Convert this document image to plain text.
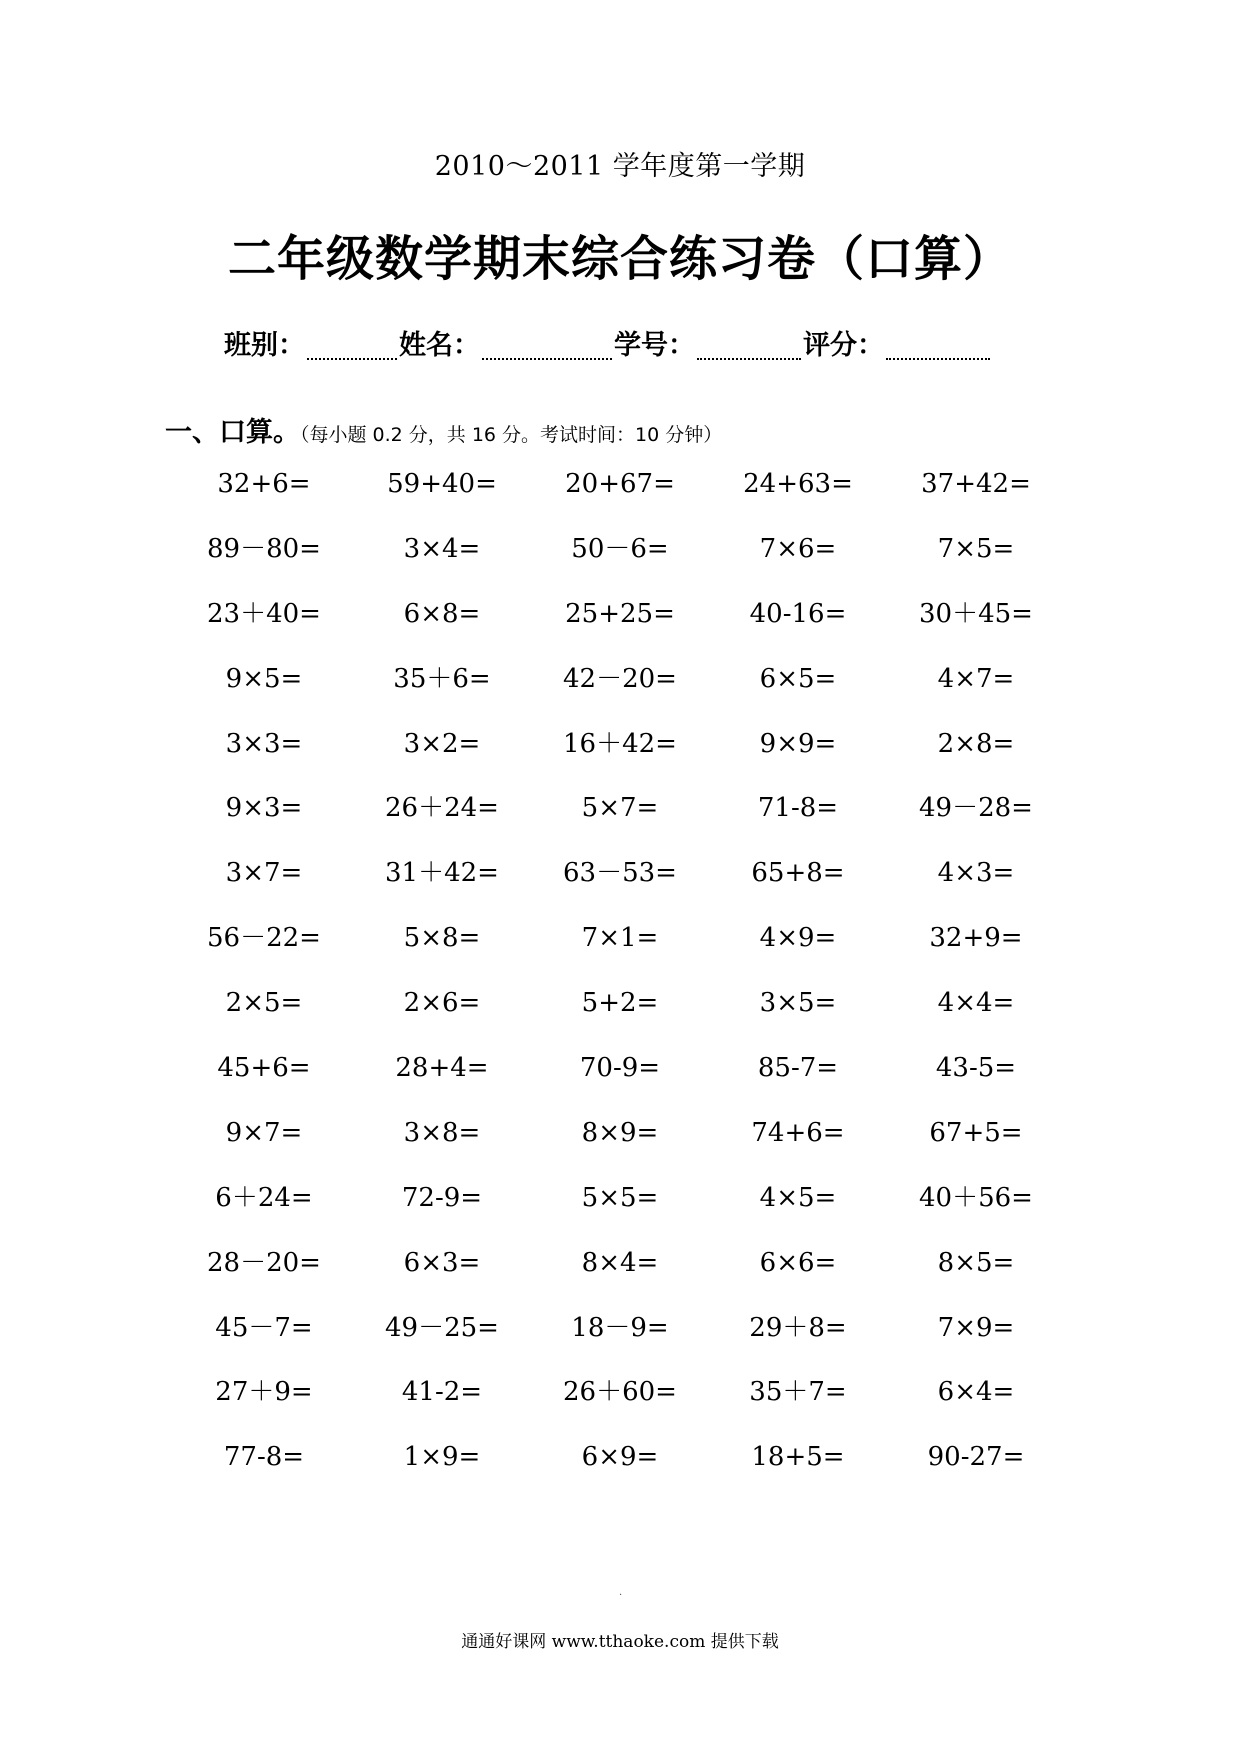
2010～2011 学年度第一学期
二年级数学期末综合练习卷（口算）
班别：	姓名：	学号：	评分：
一、口算。（每小题 0.2 分，共 16 分。考试时间：10 分钟）
32+6=	59+40=	20+67=	24+63=	37+42=
89－80=	3×4=	50－6=	7×6=	7×5=
23＋40=	6×8=	25+25=	40-16=	30＋45=
9×5=	35＋6=	42－20=	6×5=	4×7=
3×3=	3×2=	16＋42=	9×9=	2×8=
9×3=	26＋24=	5×7=	71-8=	49－28=
3×7=	31＋42=	63－53=	65+8=	4×3=
56－22=	5×8=	7×1=	4×9=	32+9=
2×5=	2×6=	5+2=	3×5=	4×4=
45+6=	28+4=	70-9=	85-7=	43-5=
9×7=	3×8=	8×9=	74+6=	67+5=
6＋24=	72-9=	5×5=	4×5=	40＋56=
28－20=	6×3=	8×4=	6×6=	8×5=
45－7=	49－25=	18－9=	29＋8=	7×9=
27＋9=	41-2=	26＋60=	35＋7=	6×4=
77-8=	1×9=	6×9=	18+5=	90-27=
·
通通好课网 www.tthaoke.com 提供下载
